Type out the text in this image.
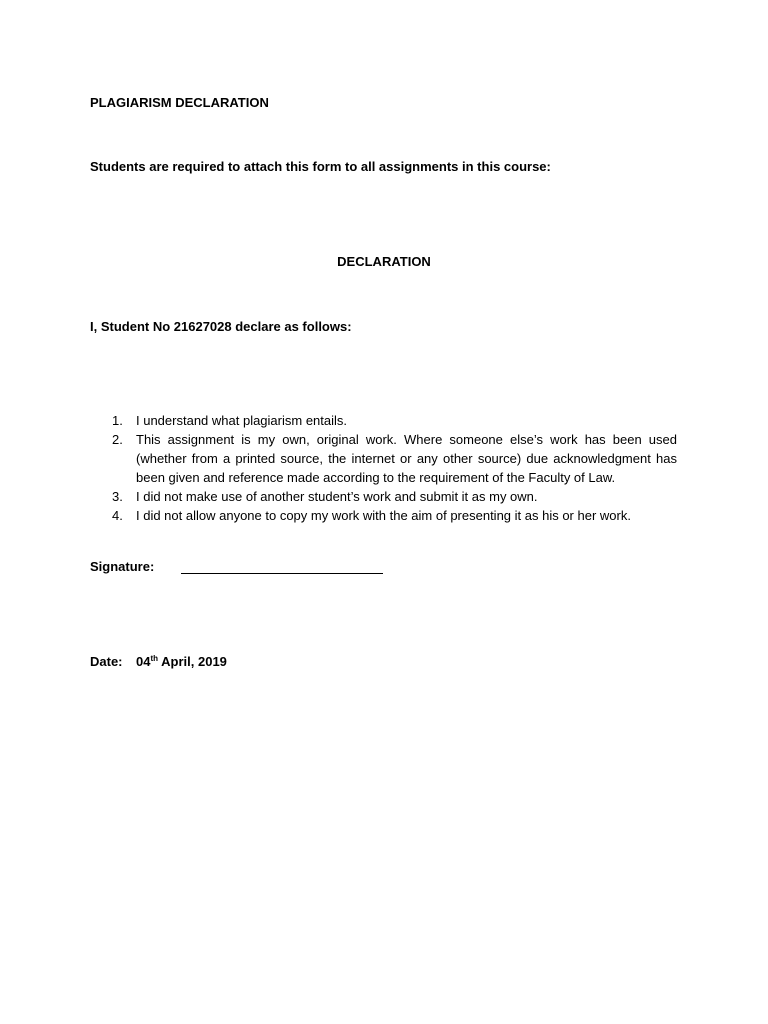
PLAGIARISM DECLARATION
Students are required to attach this form to all assignments in this course:
DECLARATION
I, Student No 21627028 declare as follows:
1. I understand what plagiarism entails.
2. This assignment is my own, original work. Where someone else’s work has been used (whether from a printed source, the internet or any other source) due acknowledgment has been given and reference made according to the requirement of the Faculty of Law.
3. I did not make use of another student’s work and submit it as my own.
4. I did not allow anyone to copy my work with the aim of presenting it as his or her work.
Signature:
Date: 04th April, 2019
